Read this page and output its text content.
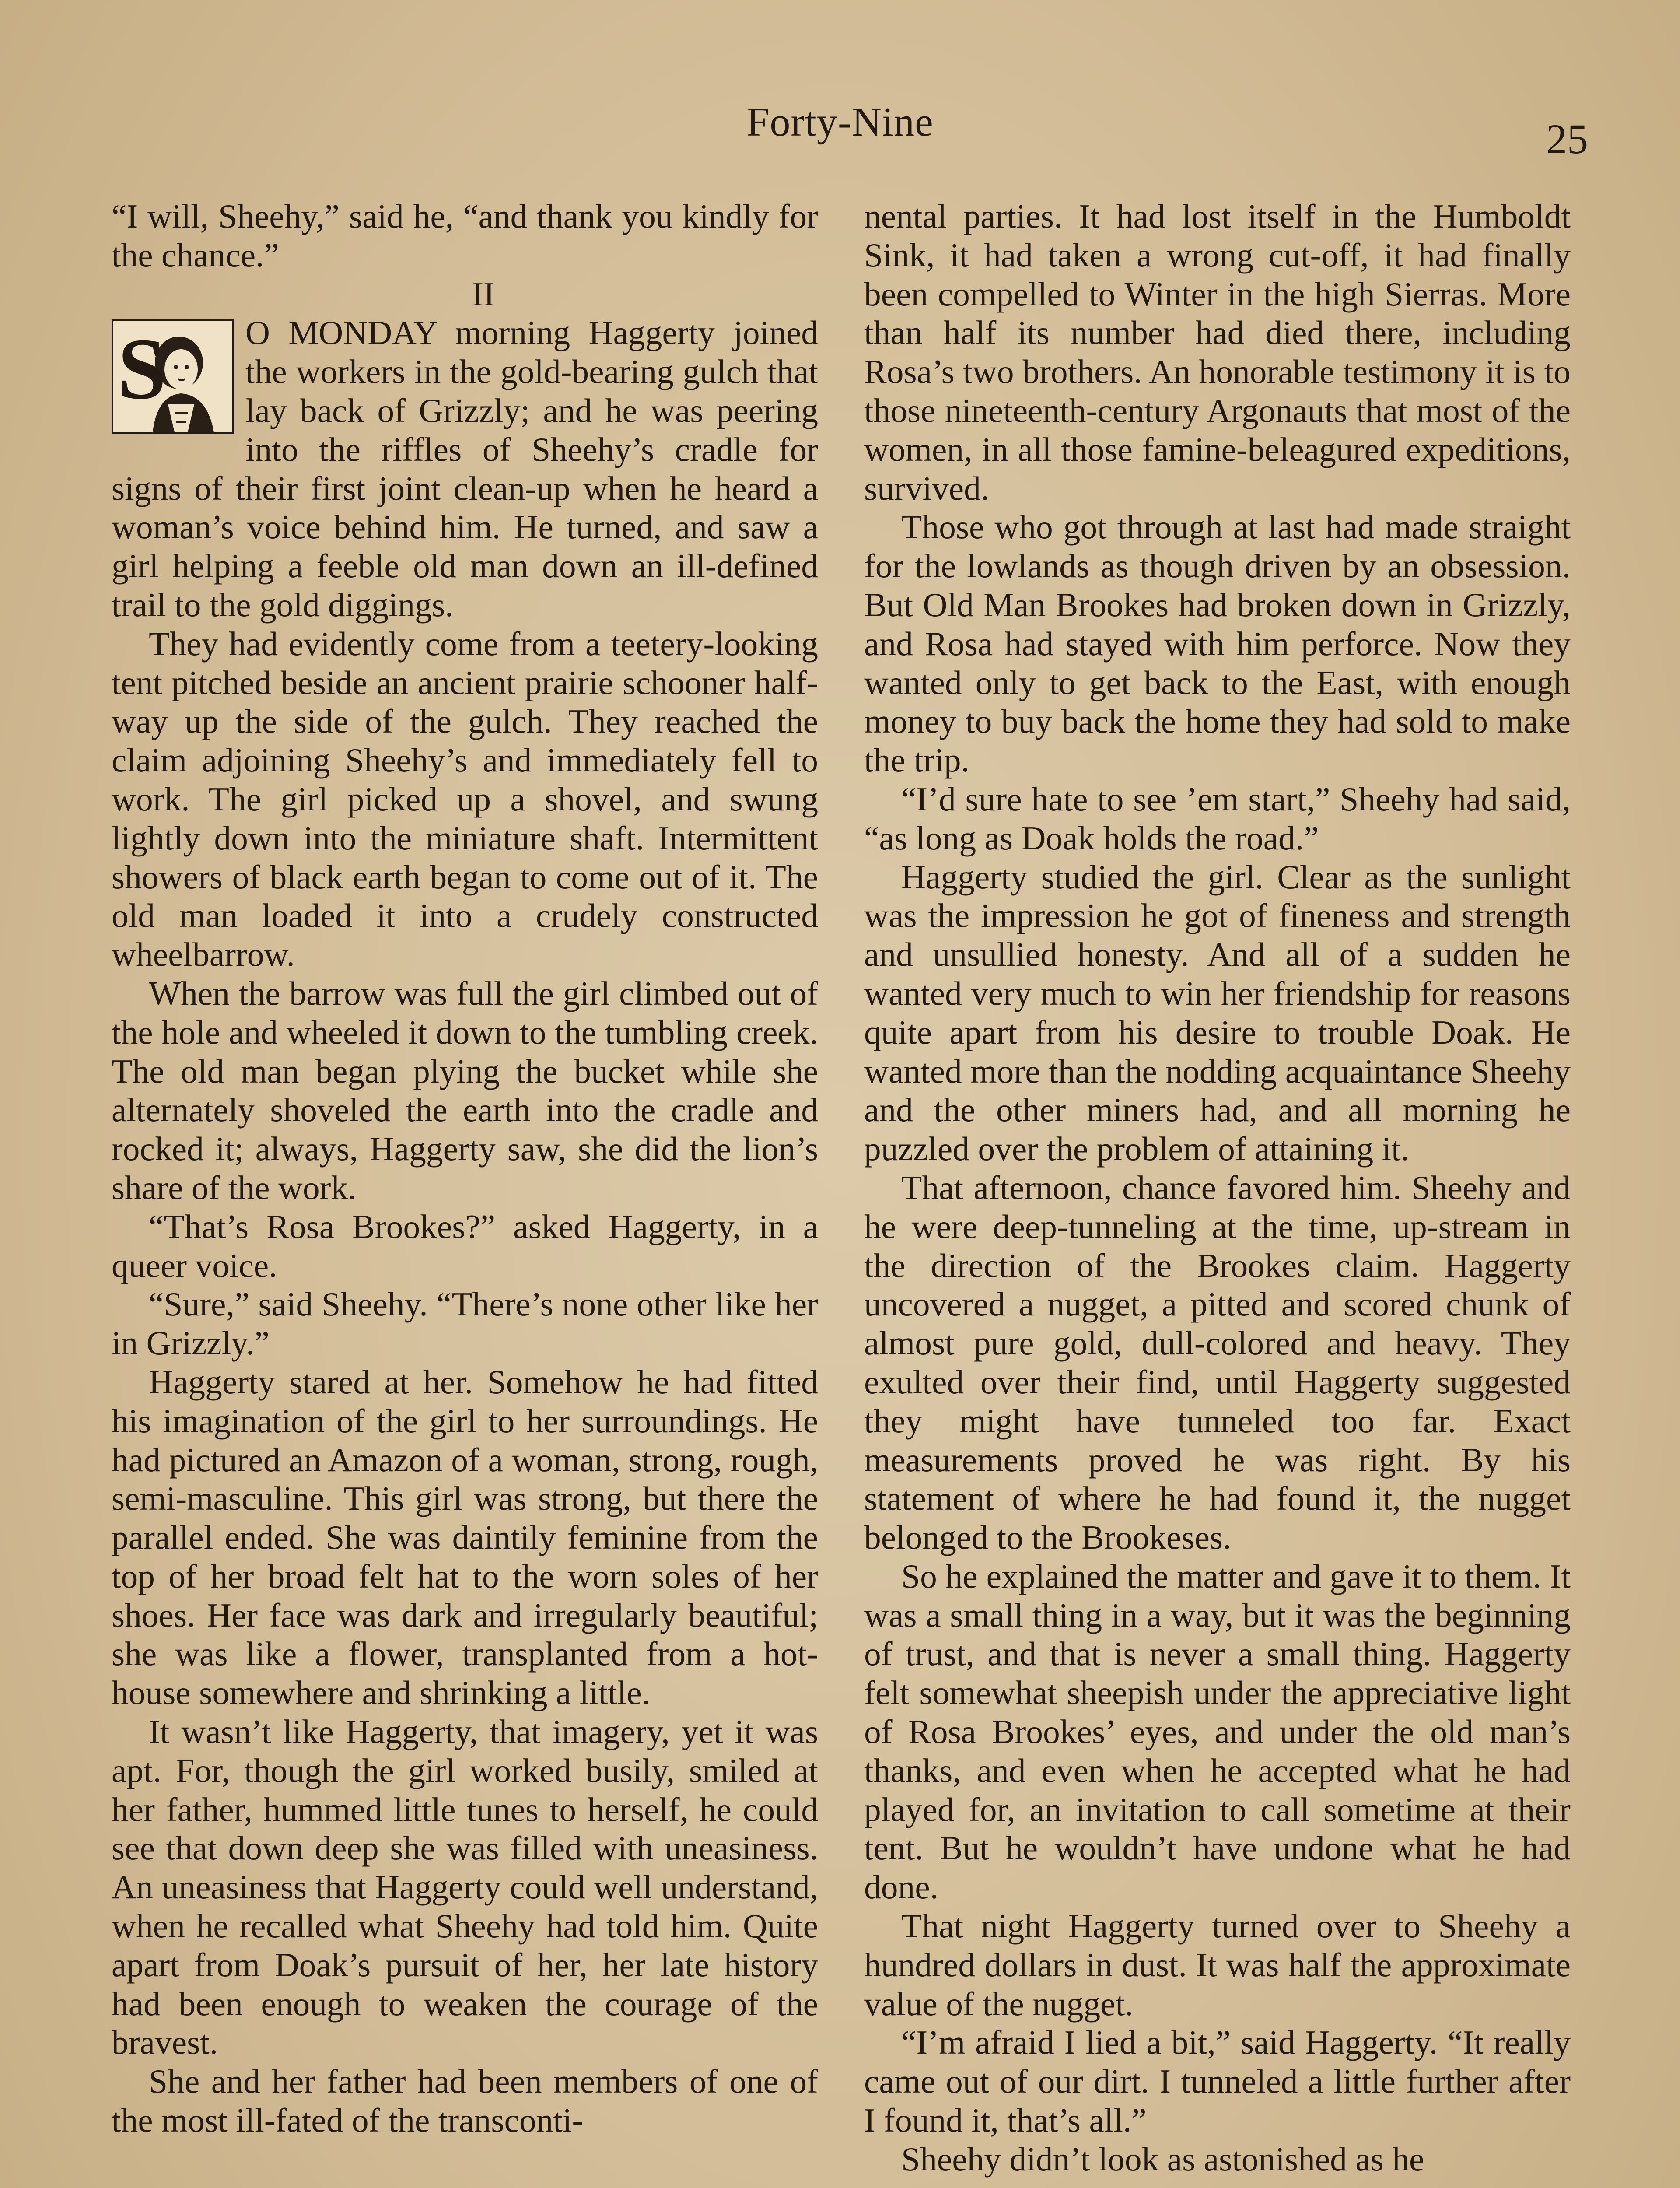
Forty-Nine	25

“I will, Sheehy,” said he, “and thank you kindly for the chance.”

II

S O MONDAY morning Haggerty joined the workers in the gold-bearing gulch that lay back of Grizzly; and he was peering into the riffles of Sheehy’s cradle for signs of their first joint clean-up when he heard a woman’s voice behind him. He turned, and saw a girl helping a feeble old man down an ill-defined trail to the gold diggings.

They had evidently come from a teetery-looking tent pitched beside an ancient prairie schooner half-way up the side of the gulch. They reached the claim adjoining Sheehy’s and immediately fell to work. The girl picked up a shovel, and swung lightly down into the miniature shaft. Intermittent showers of black earth began to come out of it. The old man loaded it into a crudely constructed wheelbarrow.

When the barrow was full the girl climbed out of the hole and wheeled it down to the tumbling creek. The old man began plying the bucket while she alternately shoveled the earth into the cradle and rocked it; always, Haggerty saw, she did the lion’s share of the work.

“That’s Rosa Brookes?” asked Haggerty, in a queer voice.

“Sure,” said Sheehy. “There’s none other like her in Grizzly.”

Haggerty stared at her. Somehow he had fitted his imagination of the girl to her surroundings. He had pictured an Amazon of a woman, strong, rough, semi-masculine. This girl was strong, but there the parallel ended. She was daintily feminine from the top of her broad felt hat to the worn soles of her shoes. Her face was dark and irregularly beautiful; she was like a flower, transplanted from a hot-house somewhere and shrinking a little.

It wasn’t like Haggerty, that imagery, yet it was apt. For, though the girl worked busily, smiled at her father, hummed little tunes to herself, he could see that down deep she was filled with uneasiness. An uneasiness that Haggerty could well understand, when he recalled what Sheehy had told him. Quite apart from Doak’s pursuit of her, her late history had been enough to weaken the courage of the bravest.

She and her father had been members of one of the most ill-fated of the transconti-

nental parties. It had lost itself in the Humboldt Sink, it had taken a wrong cut-off, it had finally been compelled to Winter in the high Sierras. More than half its number had died there, including Rosa’s two brothers. An honorable testimony it is to those nineteenth-century Argonauts that most of the women, in all those famine-beleagured expeditions, survived.

Those who got through at last had made straight for the lowlands as though driven by an obsession. But Old Man Brookes had broken down in Grizzly, and Rosa had stayed with him perforce. Now they wanted only to get back to the East, with enough money to buy back the home they had sold to make the trip.

“I’d sure hate to see ’em start,” Sheehy had said, “as long as Doak holds the road.”

Haggerty studied the girl. Clear as the sunlight was the impression he got of fineness and strength and unsullied honesty. And all of a sudden he wanted very much to win her friendship for reasons quite apart from his desire to trouble Doak. He wanted more than the nodding acquaintance Sheehy and the other miners had, and all morning he puzzled over the problem of attaining it.

That afternoon, chance favored him. Sheehy and he were deep-tunneling at the time, up-stream in the direction of the Brookes claim. Haggerty uncovered a nugget, a pitted and scored chunk of almost pure gold, dull-colored and heavy. They exulted over their find, until Haggerty suggested they might have tunneled too far. Exact measurements proved he was right. By his statement of where he had found it, the nugget belonged to the Brookeses.

So he explained the matter and gave it to them. It was a small thing in a way, but it was the beginning of trust, and that is never a small thing. Haggerty felt somewhat sheepish under the appreciative light of Rosa Brookes’ eyes, and under the old man’s thanks, and even when he accepted what he had played for, an invitation to call sometime at their tent. But he wouldn’t have undone what he had done.

That night Haggerty turned over to Sheehy a hundred dollars in dust. It was half the approximate value of the nugget.

“I’m afraid I lied a bit,” said Haggerty. “It really came out of our dirt. I tunneled a little further after I found it, that’s all.”

Sheehy didn’t look as astonished as he
